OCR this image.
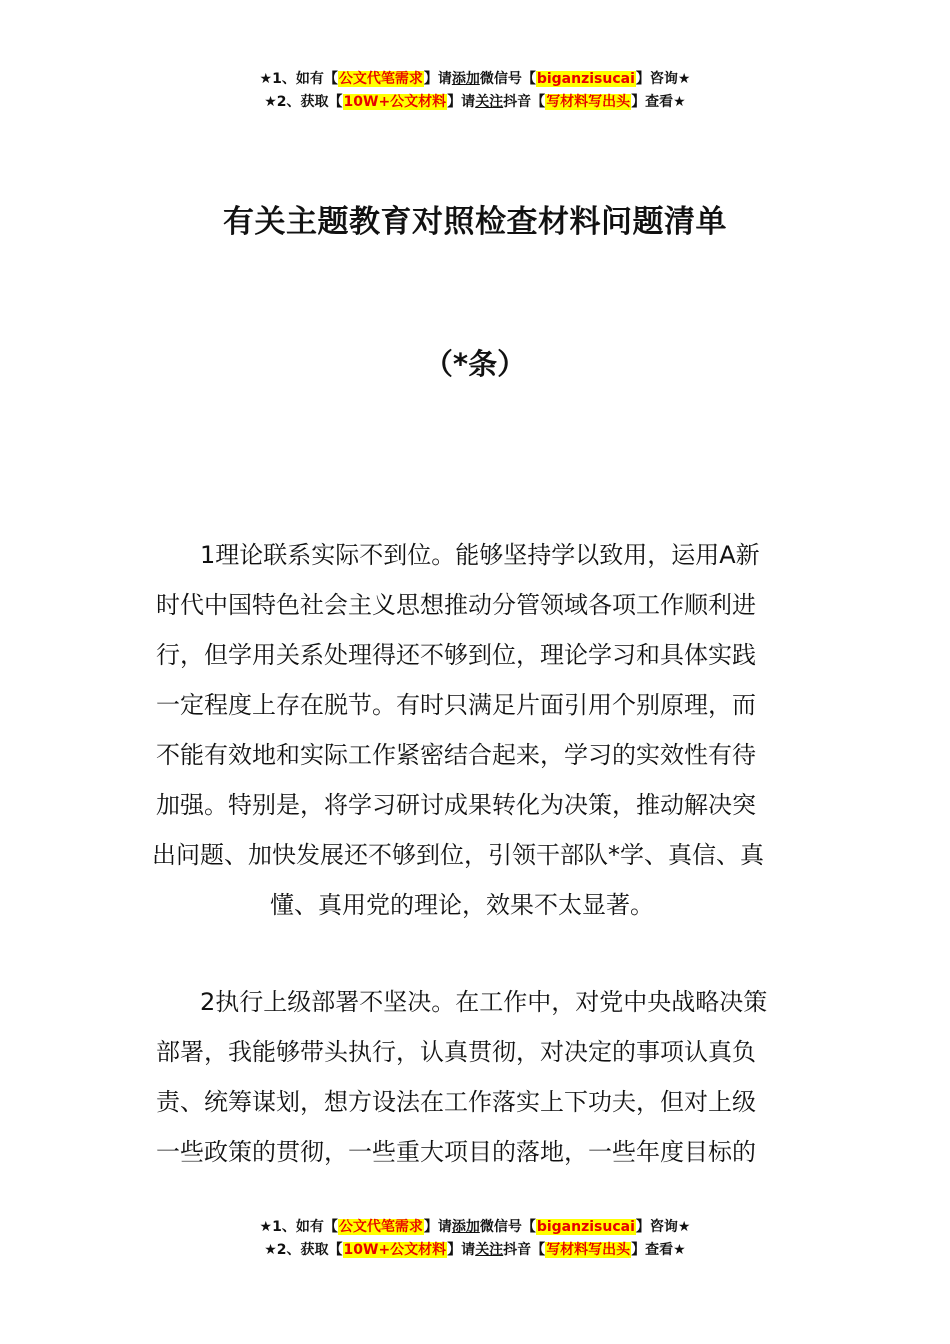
★1、如有【公文代笔需求】请添加微信号【biganzisucai】咨询★
★2、获取【10W+公文材料】请关注抖音【写材料写出头】查看★
有关主题教育对照检查材料问题清单
（*条）
1理论联系实际不到位。能够坚持学以致用，运用A新
时代中国特色社会主义思想推动分管领域各项工作顺利进
行，但学用关系处理得还不够到位，理论学习和具体实践
一定程度上存在脱节。有时只满足片面引用个别原理，而
不能有效地和实际工作紧密结合起来，学习的实效性有待
加强。特别是，将学习研讨成果转化为决策，推动解决突
出问题、加快发展还不够到位，引领干部队*学、真信、真
懂、真用党的理论，效果不太显著。
2执行上级部署不坚决。在工作中，对党中央战略决策
部署，我能够带头执行，认真贯彻，对决定的事项认真负
责、统筹谋划，想方设法在工作落实上下功夫，但对上级
一些政策的贯彻，一些重大项目的落地，一些年度目标的
★1、如有【公文代笔需求】请添加微信号【biganzisucai】咨询★
★2、获取【10W+公文材料】请关注抖音【写材料写出头】查看★
